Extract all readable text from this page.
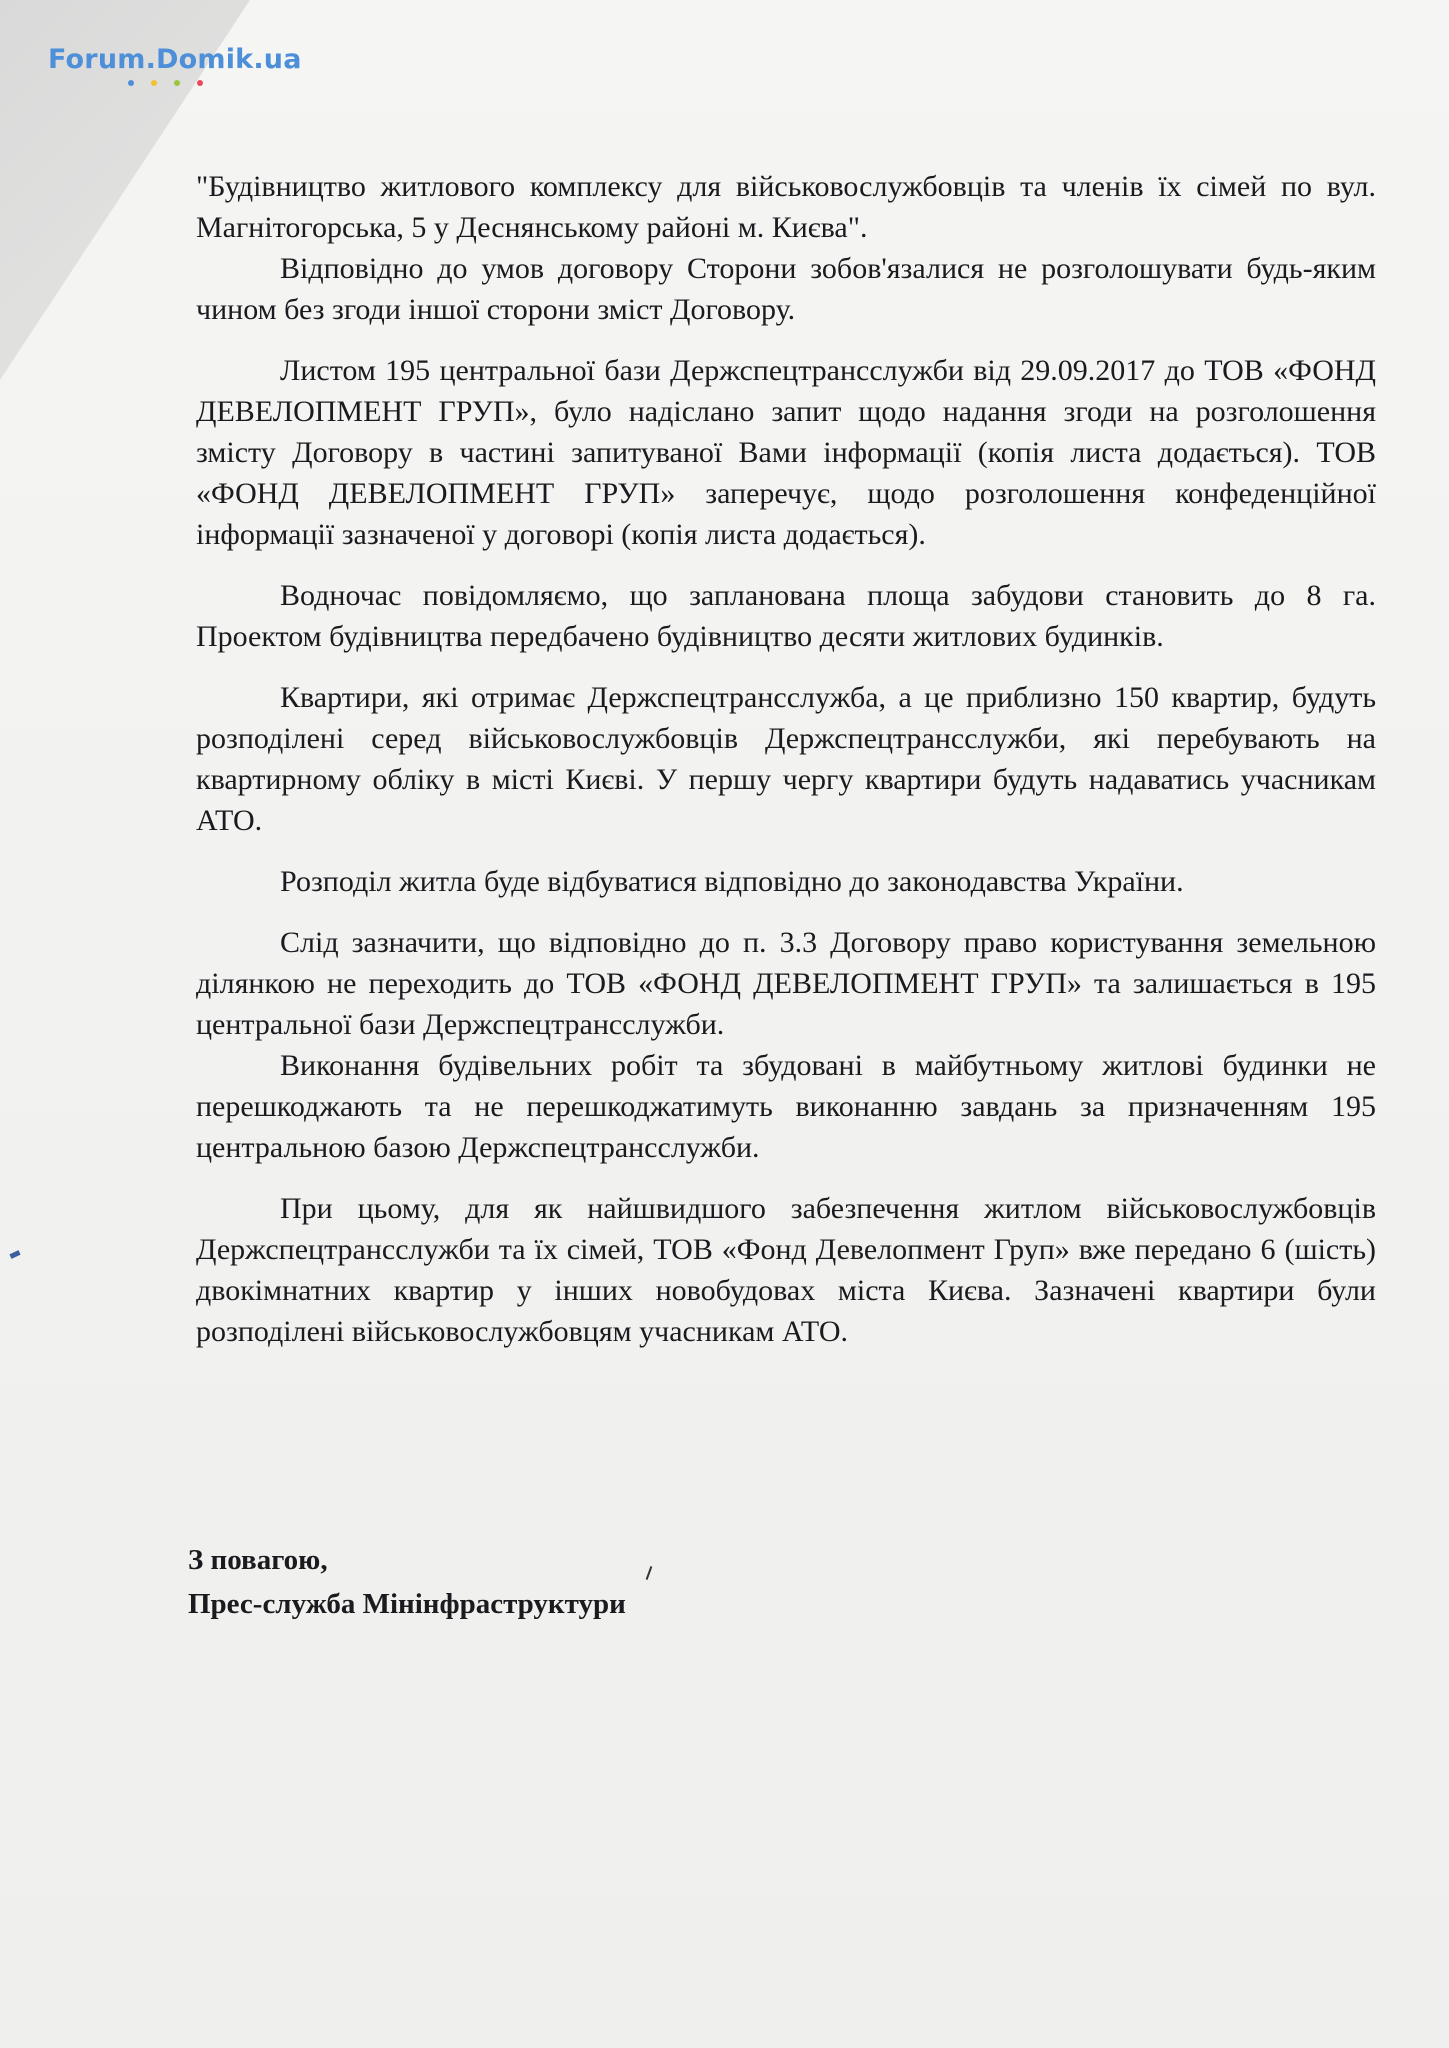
Forum.Domik.ua

"Будівництво житлового комплексу для військовослужбовців та членів їх сімей по вул. Магнітогорська, 5 у Деснянському районі м. Києва".

Відповідно до умов договору Сторони зобов'язалися не розголошувати будь-яким чином без згоди іншої сторони зміст Договору.

Листом 195 центральної бази Держспецтрансслужби від 29.09.2017 до ТОВ «ФОНД ДЕВЕЛОПМЕНТ ГРУП», було надіслано запит щодо надання згоди на розголошення змісту Договору в частині запитуваної Вами інформації (копія листа додається). ТОВ «ФОНД ДЕВЕЛОПМЕНТ ГРУП» заперечує, щодо розголошення конфеденційної інформації зазначеної у договорі (копія листа додається).

Водночас повідомляємо, що запланована площа забудови становить до 8 га. Проектом будівництва передбачено будівництво десяти житлових будинків.

Квартири, які отримає Держспецтрансслужба, а це приблизно 150 квартир, будуть розподілені серед військовослужбовців Держспецтрансслужби, які перебувають на квартирному обліку в місті Києві. У першу чергу квартири будуть надаватись учасникам АТО.

Розподіл житла буде відбуватися відповідно до законодавства України.

Слід зазначити, що відповідно до п. 3.3 Договору право користування земельною ділянкою не переходить до ТОВ «ФОНД ДЕВЕЛОПМЕНТ ГРУП» та залишається в 195 центральної бази Держспецтрансслужби.

Виконання будівельних робіт та збудовані в майбутньому житлові будинки не перешкоджають та не перешкоджатимуть виконанню завдань за призначенням 195 центральною базою Держспецтрансслужби.

При цьому, для як найшвидшого забезпечення житлом військовослужбовців Держспецтрансслужби та їх сімей, ТОВ «Фонд Девелопмент Груп» вже передано 6 (шість) двокімнатних квартир у інших новобудовах міста Києва. Зазначені квартири були розподілені військовослужбовцям учасникам АТО.

З повагою,
Прес-служба Мінінфраструктури
